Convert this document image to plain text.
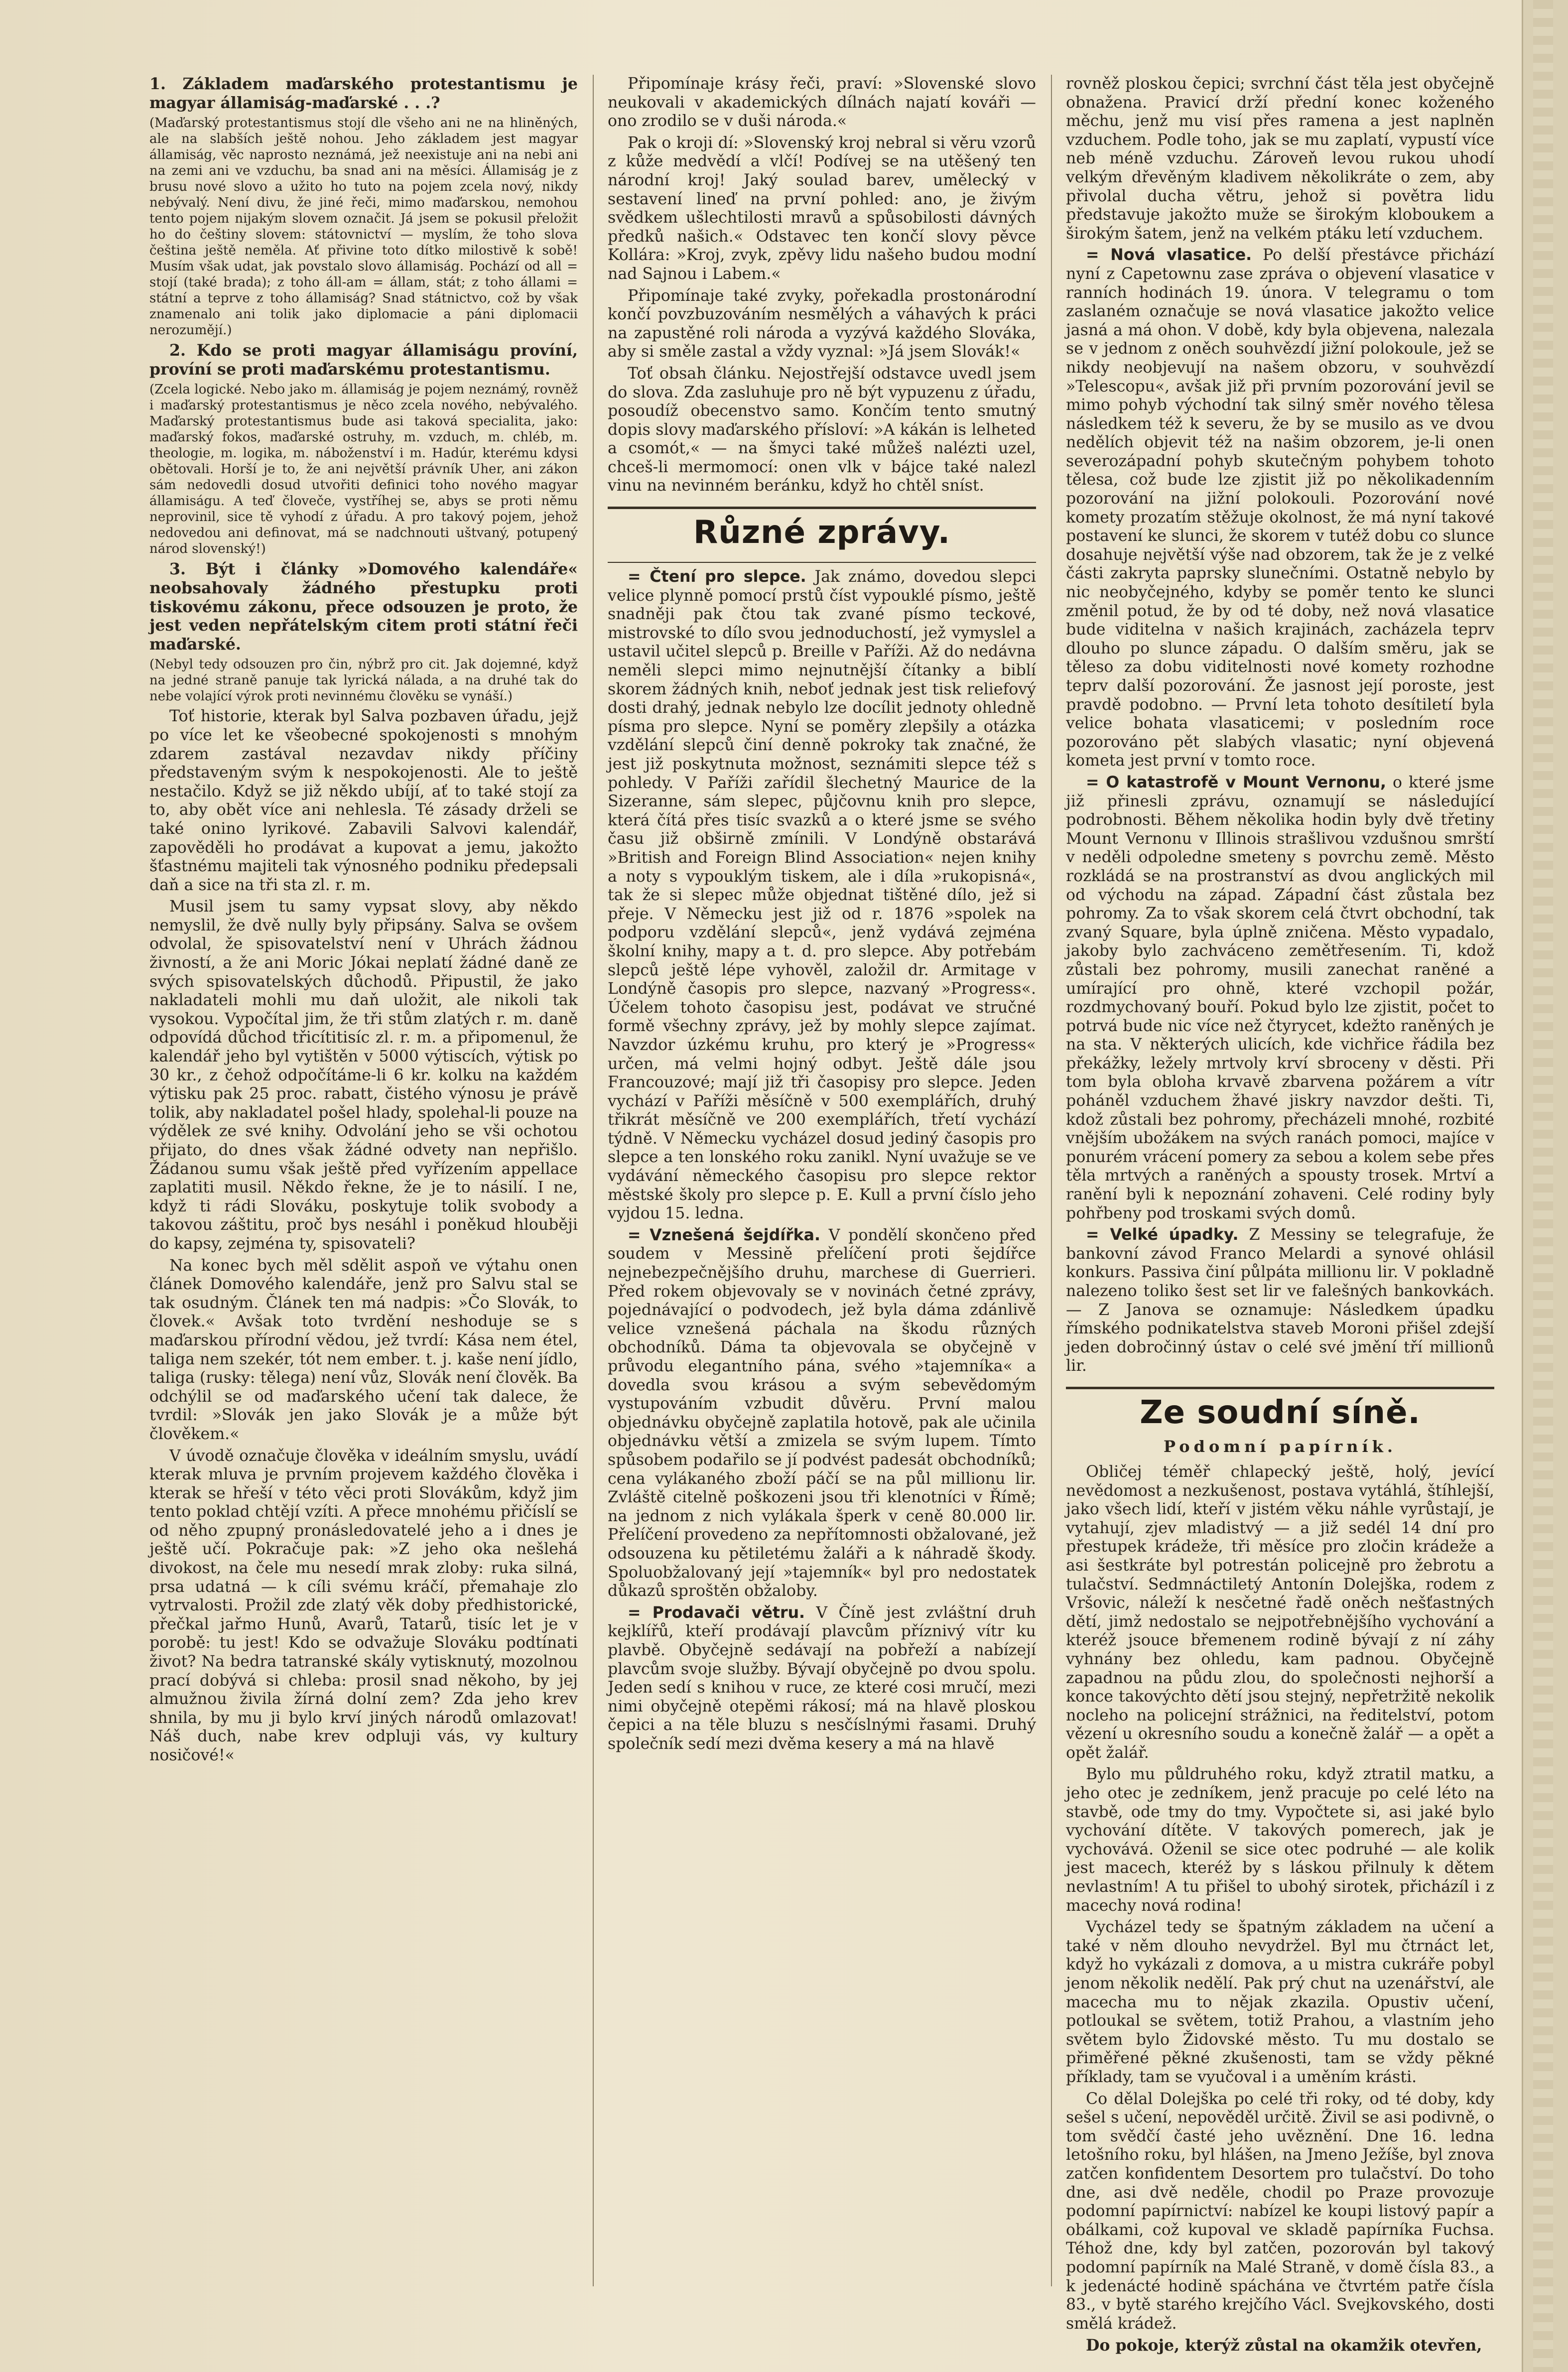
1. Základem maďarského protestantismu je magyar államiság-maďarské . . .?

(Maďarský protestantismus stojí dle všeho ani ne na hliněných, ale na slabších ještě nohou. Jeho základem jest magyar államiság, věc naprosto neznámá, jež neexistuje ani na nebi ani na zemi ani ve vzduchu, ba snad ani na měsíci. Államiság je z brusu nové slovo a užito ho tuto na pojem zcela nový, nikdy nebývalý. Není divu, že jiné řeči, mimo maďarskou, nemohou tento pojem nijakým slovem označit. Já jsem se pokusil přeložit ho do češtiny slovem: státovnictví — myslím, že toho slova čeština ještě neměla. Ať přivine toto dítko milostivě k sobě! Musím však udat, jak povstalo slovo államiság. Pochází od all = stojí (také brada); z toho áll-am = állam, stát; z toho állami = státní a teprve z toho államiság? Snad státnictvo, což by však znamenalo ani tolik jako diplomacie a páni diplomacii nerozumějí.)

2. Kdo se proti magyar államiságu províní, províní se proti maďarskému protestantismu.

(Zcela logické. Nebo jako m. államiság je pojem neznámý, rovněž i maďarský protestantismus je něco zcela nového, nebývalého. Maďarský protestantismus bude asi taková specialita, jako: maďarský fokos, maďarské ostruhy, m. vzduch, m. chléb, m. theologie, m. logika, m. náboženství i m. Hadúr, kterému kdysi obětovali. Horší je to, že ani největší právník Uher, ani zákon sám nedovedli dosud utvořiti definici toho nového magyar államiságu. A teď človeče, vystříhej se, abys se proti němu neprovinil, sice tě vyhodí z úřadu. A pro takový pojem, jehož nedovedou ani definovat, má se nadchnouti uštvaný, potupený národ slovenský!)

3. Být i články »Domového kalendáře« neobsahovaly žádného přestupku proti tiskovému zákonu, přece odsouzen je proto, že jest veden nepřátelským citem proti státní řeči maďarské.

(Nebyl tedy odsouzen pro čin, nýbrž pro cit. Jak dojemné, když na jedné straně panuje tak lyrická nálada, a na druhé tak do nebe volající výrok proti nevinnému člověku se vynáší.)

Toť historie, kterak byl Salva pozbaven úřadu, jejž po více let ke všeobecné spokojenosti s mnohým zdarem zastával nezavdav nikdy příčiny představeným svým k nespokojenosti. Ale to ještě nestačilo. Když se již někdo ubíjí, ať to také stojí za to, aby obět více ani nehlesla. Té zásady drželi se také onino lyrikové. Zabavili Salvovi kalendář, zapověděli ho prodávat a kupovat a jemu, jakožto šťastnému majiteli tak výnosného podniku předepsali daň a sice na tři sta zl. r. m.

Musil jsem tu samy vypsat slovy, aby někdo nemyslil, že dvě nully byly připsány. Salva se ovšem odvolal, že spisovatelství není v Uhrách žádnou živností, a že ani Moric Jókai neplatí žádné daně ze svých spisovatelských důchodů. Připustil, že jako nakladateli mohli mu daň uložit, ale nikoli tak vysokou. Vypočítal jim, že tři stům zlatých r. m. daně odpovídá důchod třicítitisíc zl. r. m. a připomenul, že kalendář jeho byl vytištěn v 5000 výtiscích, výtisk po 30 kr., z čehož odpočítáme-li 6 kr. kolku na každém výtisku pak 25 proc. rabatt, čistého výnosu je právě tolik, aby nakladatel pošel hlady, spolehal-li pouze na výdělek ze své knihy. Odvolání jeho se vši ochotou přijato, do dnes však žádné odvety nan nepřišlo. Žádanou sumu však ještě před vyřízením appellace zaplatiti musil. Někdo řekne, že je to násilí. I ne, když ti rádi Slováku, poskytuje tolik svobody a takovou záštitu, proč bys nesáhl i poněkud hlouběji do kapsy, zejména ty, spisovateli?

Na konec bych měl sdělit aspoň ve výtahu onen článek Domového kalendáře, jenž pro Salvu stal se tak osudným. Článek ten má nadpis: »Čo Slovák, to človek.« Avšak toto tvrdění neshoduje se s maďarskou přírodní vědou, jež tvrdí: Kása nem étel, taliga nem szekér, tót nem ember. t. j. kaše není jídlo, taliga (rusky: tělega) není vůz, Slovák není člověk. Ba odchýlil se od maďarského učení tak dalece, že tvrdil: »Slovák jen jako Slovák je a může být člověkem.«

V úvodě označuje člověka v ideálním smyslu, uvádí kterak mluva je prvním projevem každého člověka i kterak se hřeší v této věci proti Slovákům, když jim tento poklad chtějí vzíti. A přece mnohému přičíslí se od něho zpupný pronásledovatelé jeho a i dnes je ještě učí. Pokračuje pak: »Z jeho oka nešlehá divokost, na čele mu nesedí mrak zloby: ruka silná, prsa udatná — k cíli svému kráčí, přemahaje zlo vytrvalosti. Prožil zde zlatý věk doby předhistorické, přečkal jařmo Hunů, Avarů, Tatarů, tisíc let je v porobě: tu jest! Kdo se odvažuje Slováku podtínati život? Na bedra tatranské skály vytisknutý, mozolnou prací dobývá si chleba: prosil snad někoho, by jej almužnou živila žírná dolní zem? Zda jeho krev shnila, by mu ji bylo krví jiných národů omlazovat! Náš duch, nabe krev odpluji vás, vy kultury nosičové!«

Připomínaje krásy řeči, praví: »Slovenské slovo neukovali v akademických dílnách najatí kováři — ono zrodilo se v duši národa.«

Pak o kroji dí: »Slovenský kroj nebral si věru vzorů z kůže medvědí a vlčí! Podívej se na utěšený ten národní kroj! Jaký soulad barev, umělecký v sestavení lineď na první pohled: ano, je živým svědkem ušlechtilosti mravů a spůsobilosti dávných předků našich.« Odstavec ten končí slovy pěvce Kollára: »Kroj, zvyk, zpěvy lidu našeho budou modní nad Sajnou i Labem.«

Připomínaje také zvyky, pořekadla prostonárodní končí povzbuzováním nesmělých a váhavých k práci na zapustěné roli národa a vyzývá každého Slováka, aby si směle zastal a vždy vyznal: »Já jsem Slovák!«

Toť obsah článku. Nejostřejší odstavce uvedl jsem do slova. Zda zasluhuje pro ně být vypuzenu z úřadu, posoudíž obecenstvo samo. Končím tento smutný dopis slovy maďarského přísloví: »A kákán is lelheted a csomót,« — na šmyci také můžeš nalézti uzel, chceš-li mermomocí: onen vlk v bájce také nalezl vinu na nevinném beránku, když ho chtěl sníst.

Různé zprávy.

= Čtení pro slepce. Jak známo, dovedou slepci velice plynně pomocí prstů číst vypouklé písmo, ještě snadněji pak čtou tak zvané písmo teckové, mistrovské to dílo svou jednoduchostí, jež vymyslel a ustavil učitel slepců p. Breille v Paříži. Až do nedávna neměli slepci mimo nejnutnější čítanky a biblí skorem žádných knih, neboť jednak jest tisk reliefový dosti drahý, jednak nebylo lze docílit jednoty ohledně písma pro slepce. Nyní se poměry zlepšily a otázka vzdělání slepců činí denně pokroky tak značné, že jest již poskytnuta možnost, seznámiti slepce též s pohledy. V Paříži zařídil šlechetný Maurice de la Sizeranne, sám slepec, půjčovnu knih pro slepce, která čítá přes tisíc svazků a o které jsme se svého času již obširně zmínili. V Londýně obstarává »British and Foreign Blind Association« nejen knihy a noty s vypouklým tiskem, ale i díla »rukopisná«, tak že si slepec může objednat tištěné dílo, jež si přeje. V Německu jest již od r. 1876 »spolek na podporu vzdělání slepců«, jenž vydává zejména školní knihy, mapy a t. d. pro slepce. Aby potřebám slepců ještě lépe vyhověl, založil dr. Armitage v Londýně časopis pro slepce, nazvaný »Progress«. Účelem tohoto časopisu jest, podávat ve stručné formě všechny zprávy, jež by mohly slepce zajímat. Navzdor úzkému kruhu, pro který je »Progress« určen, má velmi hojný odbyt. Ještě dále jsou Francouzové; mají již tři časopisy pro slepce. Jeden vychází v Paříži měsíčně v 500 exemplářích, druhý třikrát měsíčně ve 200 exemplářích, třetí vychází týdně. V Německu vycházel dosud jediný časopis pro slepce a ten lonského roku zanikl. Nyní uvažuje se ve vydávání německého časopisu pro slepce rektor městské školy pro slepce p. E. Kull a první číslo jeho vyjdou 15. ledna.

= Vznešená šejdířka. V pondělí skončeno před soudem v Messině přelíčení proti šejdířce nejnebezpečnějšího druhu, marchese di Guerrieri. Před rokem objevovaly se v novinách četné zprávy, pojednávající o podvodech, jež byla dáma zdánlivě velice vznešená páchala na škodu různých obchodníků. Dáma ta objevovala se obyčejně v průvodu elegantního pána, svého »tajemníka« a dovedla svou krásou a svým sebevědomým vystupováním vzbudit důvěru. První malou objednávku obyčejně zaplatila hotově, pak ale učinila objednávku větší a zmizela se svým lupem. Tímto spůsobem podařilo se jí podvést padesát obchodníků; cena vylákaného zboží páčí se na půl millionu lir. Zvláště citelně poškozeni jsou tři klenotníci v Římě; na jednom z nich vylákala šperk v ceně 80.000 lir. Přelíčení provedeno za nepřítomnosti obžalované, jež odsouzena ku pětiletému žaláři a k náhradě škody. Spoluobžalovaný její »tajemník« byl pro nedostatek důkazů sproštěn obžaloby.

= Prodavači větru. V Číně jest zvláštní druh kejklířů, kteří prodávají plavcům příznivý vítr ku plavbě. Obyčejně sedávají na pobřeží a nabízejí plavcům svoje služby. Bývají obyčejně po dvou spolu. Jeden sedí s knihou v ruce, ze které cosi mručí, mezi nimi obyčejně otepěmi rákosí; má na hlavě ploskou čepici a na těle bluzu s nesčíslnými řasami. Druhý společník sedí mezi dvěma kesery a má na hlavě

rovněž ploskou čepici; svrchní část těla jest obyčejně obnažena. Pravicí drží přední konec koženého měchu, jenž mu visí přes ramena a jest naplněn vzduchem. Podle toho, jak se mu zaplatí, vypustí více neb méně vzduchu. Zároveň levou rukou uhodí velkým dřevěným kladivem několikráte o zem, aby přivolal ducha větru, jehož si povětra lidu představuje jakožto muže se širokým kloboukem a širokým šatem, jenž na velkém ptáku letí vzduchem.

= Nová vlasatice. Po delší přestávce přichází nyní z Capetownu zase zpráva o objevení vlasatice v ranních hodinách 19. února. V telegramu o tom zaslaném označuje se nová vlasatice jakožto velice jasná a má ohon. V době, kdy byla objevena, nalezala se v jednom z oněch souhvězdí jižní polokoule, jež se nikdy neobjevují na našem obzoru, v souhvězdí »Telescopu«, avšak již při prvním pozorování jevil se mimo pohyb východní tak silný směr nového tělesa následkem též k severu, že by se musilo as ve dvou nedělích objevit též na našim obzorem, je-li onen severozápadní pohyb skutečným pohybem tohoto tělesa, což bude lze zjistit již po několikadenním pozorování na jižní polokouli. Pozorování nové komety prozatím stěžuje okolnost, že má nyní takové postavení ke slunci, že skorem v tutéž dobu co slunce dosahuje největší výše nad obzorem, tak že je z velké části zakryta paprsky slunečními. Ostatně nebylo by nic neobyčejného, kdyby se poměr tento ke slunci změnil potud, že by od té doby, než nová vlasatice bude viditelna v našich krajinách, zacházela teprv dlouho po slunce západu. O dalším směru, jak se těleso za dobu viditelnosti nové komety rozhodne teprv další pozorování. Že jasnost její poroste, jest pravdě podobno. — První leta tohoto desítiletí byla velice bohata vlasaticemi; v posledním roce pozorováno pět slabých vlasatic; nyní objevená kometa jest první v tomto roce.

= O katastrofě v Mount Vernonu, o které jsme již přinesli zprávu, oznamují se následující podrobnosti. Během několika hodin byly dvě třetiny Mount Vernonu v Illinois strašlivou vzdušnou smrští v neděli odpoledne smeteny s povrchu země. Město rozkládá se na prostranství as dvou anglických mil od východu na západ. Západní část zůstala bez pohromy. Za to však skorem celá čtvrt obchodní, tak zvaný Square, byla úplně zničena. Město vypadalo, jakoby bylo zachváceno zemětřesením. Ti, kdož zůstali bez pohromy, musili zanechat raněné a umírající pro ohně, které vzchopil požár, rozdmychovaný bouří. Pokud bylo lze zjistit, počet to potrvá bude nic více než čtyrycet, kdežto raněných je na sta. V některých ulicích, kde vichřice řádila bez překážky, ležely mrtvoly krví sbroceny v děsti. Při tom byla obloha krvavě zbarvena požárem a vítr poháněl vzduchem žhavé jiskry navzdor dešti. Ti, kdož zůstali bez pohromy, přecházeli mnohé, rozbité vnějším ubožákem na svých ranách pomoci, majíce v ponurém vrácení pomery za sebou a kolem sebe přes těla mrtvých a raněných a spousty trosek. Mrtví a ranění byli k nepoznání zohaveni. Celé rodiny byly pohřbeny pod troskami svých domů.

= Velké úpadky. Z Messiny se telegrafuje, že bankovní závod Franco Melardi a synové ohlásil konkurs. Passiva činí půlpáta millionu lir. V pokladně nalezeno toliko šest set lir ve falešných bankovkách. — Z Janova se oznamuje: Následkem úpadku římského podnikatelstva staveb Moroni přišel zdejší jeden dobročinný ústav o celé své jmění tří millionů lir.

Ze soudní síně.
Podomní papírník.

Obličej téměř chlapecký ještě, holý, jevící nevědomost a nezkušenost, postava vytáhlá, štíhlejší, jako všech lidí, kteří v jistém věku náhle vyrůstají, je vytahují, zjev mladistvý — a již sedél 14 dní pro přestupek krádeže, tři měsíce pro zločin krádeže a asi šestkráte byl potrestán policejně pro žebrotu a tulačství. Sedmnáctiletý Antonín Dolejška, rodem z Vršovic, náleží k nesčetné řadě oněch nešťastných dětí, jimž nedostalo se nejpotřebnějšího vychování a kteréž jsouce břemenem rodině bývají z ní záhy vyhnány bez ohledu, kam padnou. Obyčejně zapadnou na půdu zlou, do společnosti nejhorší a konce takovýchto dětí jsou stejný, nepřetržitě nekolik nocleho na policejní strážnici, na ředitelství, potom vězení u okresního soudu a konečně žalář — a opět a opět žalář.

Bylo mu půldruhého roku, když ztratil matku, a jeho otec je zedníkem, jenž pracuje po celé léto na stavbě, ode tmy do tmy. Vypočtete si, asi jaké bylo vychování dítěte. V takových pomerech, jak je vychovává. Oženil se sice otec podruhé — ale kolik jest macech, kteréž by s láskou přilnuly k dětem nevlastním! A tu přišel to ubohý sirotek, přicházíl i z macechy nová rodina!

Vycházel tedy se špatným základem na učení a také v něm dlouho nevydržel. Byl mu čtrnáct let, když ho vykázali z domova, a u mistra cukráře pobyl jenom několik nedělí. Pak prý chut na uzenářství, ale macecha mu to nějak zkazila. Opustiv učení, potloukal se světem, totiž Prahou, a vlastním jeho světem bylo Židovské město. Tu mu dostalo se přiměřené pěkné zkušenosti, tam se vždy pěkné příklady, tam se vyučoval i a uměním krásti.

Co dělal Dolejška po celé tři roky, od té doby, kdy sešel s učení, nepověděl určitě. Živil se asi podivně, o tom svědčí časté jeho uvěznění. Dne 16. ledna letošního roku, byl hlášen, na Jmeno Ježíše, byl znova zatčen konfidentem Desortem pro tulačství. Do toho dne, asi dvě neděle, chodil po Praze provozuje podomní papírnictví: nabízel ke koupi listový papír a obálkami, což kupoval ve skladě papírníka Fuchsa. Téhož dne, kdy byl zatčen, pozorován byl takový podomní papírník na Malé Straně, v domě čísla 83., a k jedenácté hodině spáchána ve čtvrtém patře čísla 83., v bytě starého krejčího Václ. Svejkovského, dosti smělá krádež.

Do pokoje, kterýž zůstal na okamžik otevřen,
